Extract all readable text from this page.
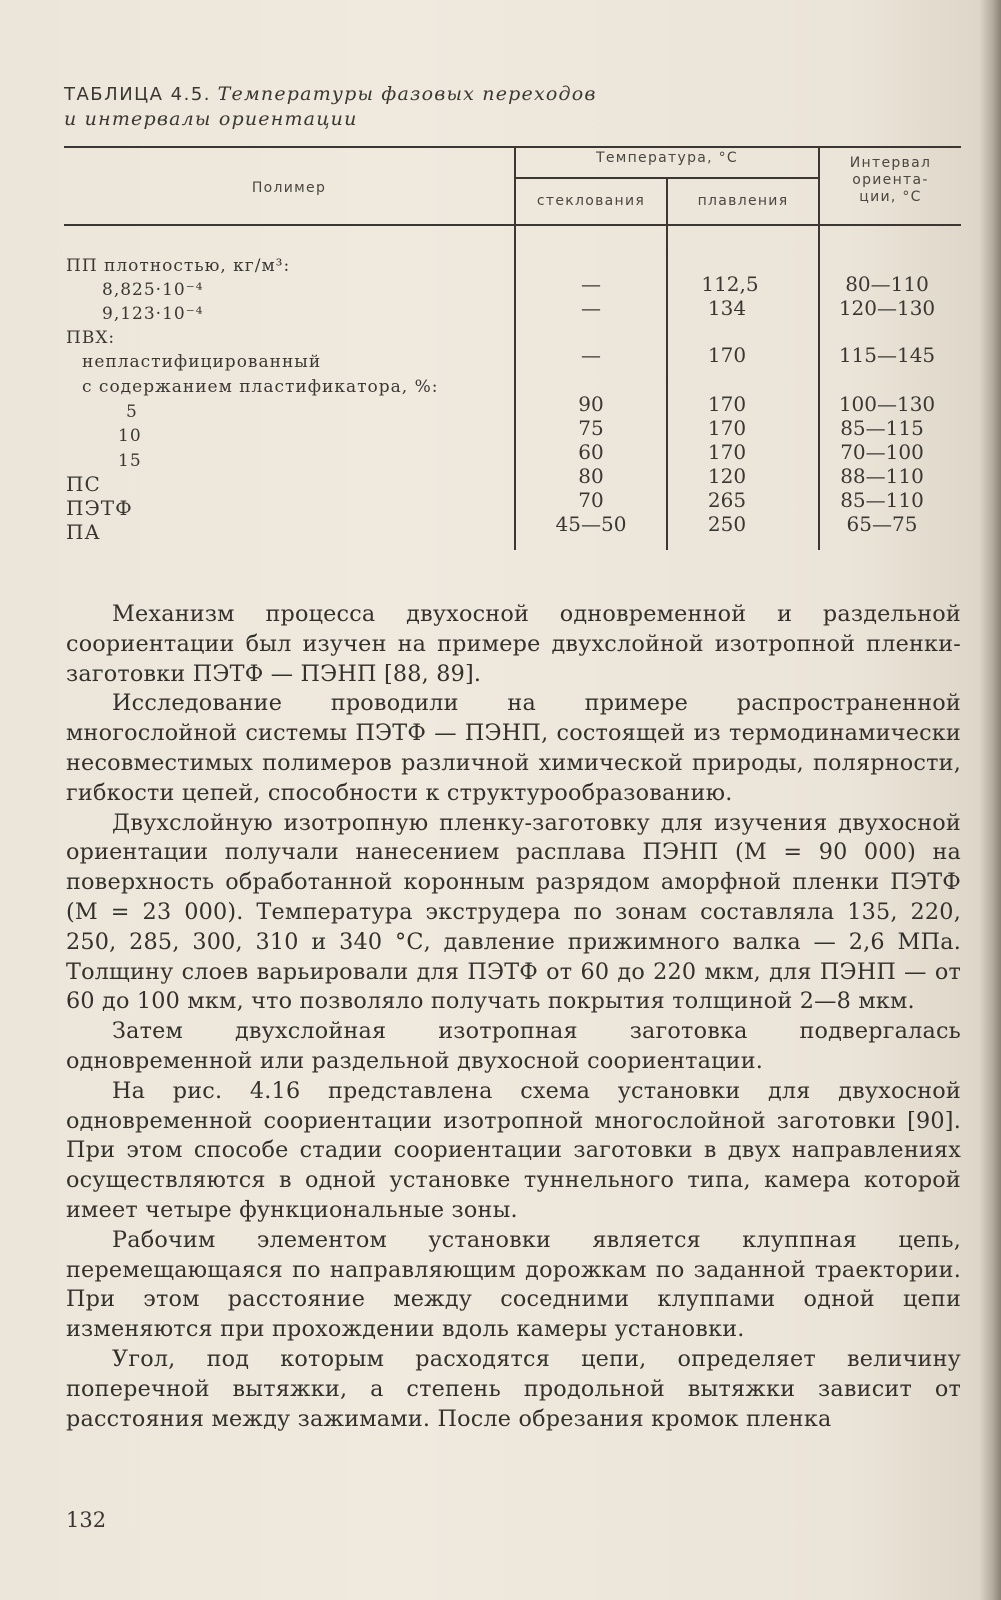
ТАБЛИЦА 4.5. Температуры фазовых переходов
и интервалы ориентации
Полимер
Температура, °С
стеклования	плавления
Интервал
ориента-
ции, °С
ПП плотностью, кг/м³:
8,825·10⁻⁴	—	112,5	80—110
9,123·10⁻⁴	—	134	120—130
ПВХ:
непластифицированный	—	170	115—145
с содержанием пластификатора, %:
5	90	170	100—130
10	75	170	85—115
15	60	170	70—100
ПС	80	120	88—110
ПЭТФ	70	265	85—110
ПА	45—50	250	65—75

Механизм процесса двухосной одновременной и раздельной соориентации был изучен на примере двухслойной изотропной пленки-заготовки ПЭТФ — ПЭНП [88, 89].

Исследование проводили на примере распространенной многослойной системы ПЭТФ — ПЭНП, состоящей из термодинамически несовместимых полимеров различной химической природы, полярности, гибкости цепей, способности к структурообразованию.

Двухслойную изотропную пленку-заготовку для изучения двухосной ориентации получали нанесением расплава ПЭНП (М = 90 000) на поверхность обработанной коронным разрядом аморфной пленки ПЭТФ (М = 23 000). Температура экструдера по зонам составляла 135, 220, 250, 285, 300, 310 и 340 °С, давление прижимного валка — 2,6 МПа. Толщину слоев варьировали для ПЭТФ от 60 до 220 мкм, для ПЭНП — от 60 до 100 мкм, что позволяло получать покрытия толщиной 2—8 мкм.

Затем двухслойная изотропная заготовка подвергалась одновременной или раздельной двухосной соориентации.

На рис. 4.16 представлена схема установки для двухосной одновременной соориентации изотропной многослойной заготовки [90]. При этом способе стадии соориентации заготовки в двух направлениях осуществляются в одной установке туннельного типа, камера которой имеет четыре функциональные зоны.

Рабочим элементом установки является клуппная цепь, перемещающаяся по направляющим дорожкам по заданной траектории. При этом расстояние между соседними клуппами одной цепи изменяются при прохождении вдоль камеры установки.

Угол, под которым расходятся цепи, определяет величину поперечной вытяжки, а степень продольной вытяжки зависит от расстояния между зажимами. После обрезания кромок пленка

132
